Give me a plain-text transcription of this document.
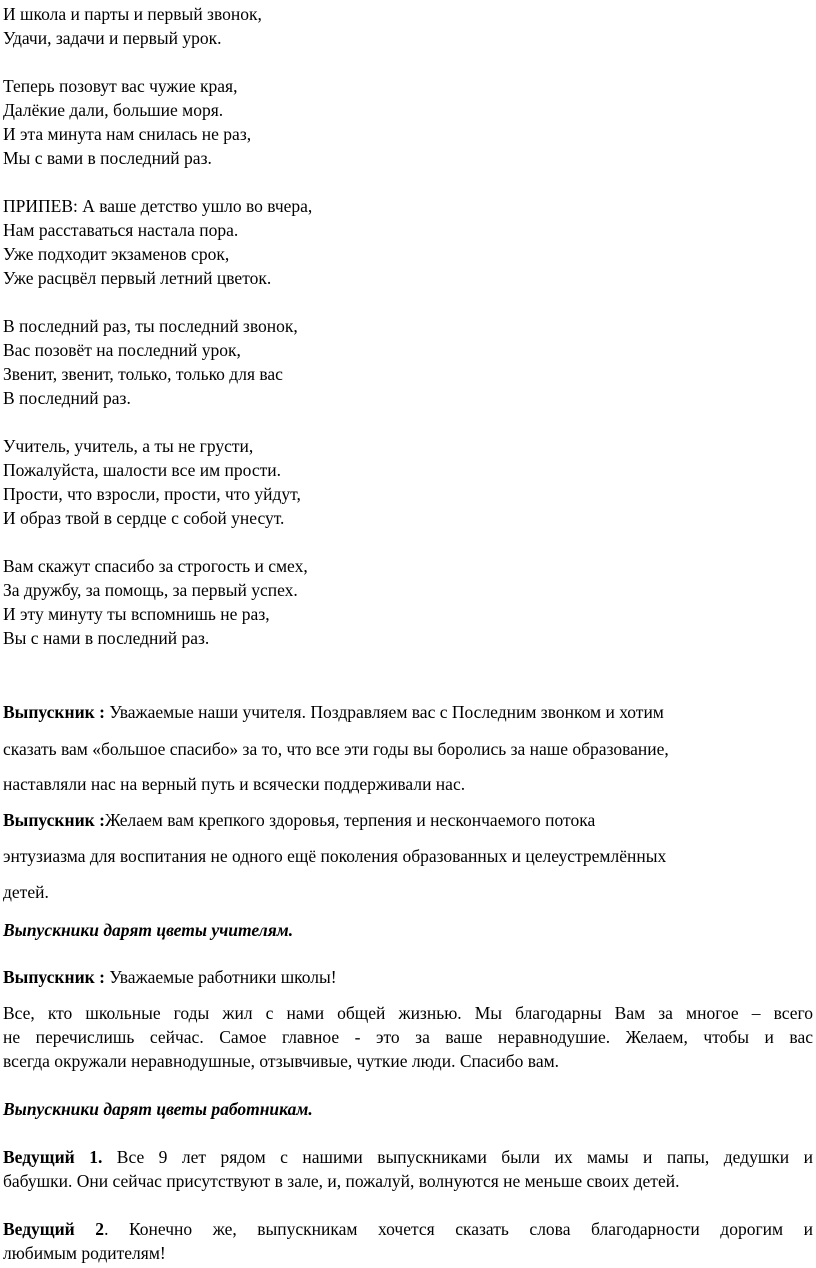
И школа и парты и первый звонок,

Удачи, задачи и первый урок.

Теперь позовут вас чужие края,

Далёкие дали, большие моря.

И эта минута нам снилась не раз,

Мы с вами в последний раз.

ПРИПЕВ: А ваше детство ушло во вчера,

Нам расставаться настала пора.

Уже подходит экзаменов срок,

Уже расцвёл первый летний цветок.

В последний раз, ты последний звонок,

Вас позовёт на последний урок,

Звенит, звенит, только, только для вас

В последний раз.

Учитель, учитель, а ты не грусти,

Пожалуйста, шалости все им прости.

Прости, что взросли, прости, что уйдут,

И образ твой в сердце с собой унесут.

Вам скажут спасибо за строгость и смех,

За дружбу, за помощь, за первый успех.

И эту минуту ты вспомнишь не раз,

Вы с нами в последний раз.

Выпускник : Уважаемые наши учителя. Поздравляем вас с Последним звонком и хотим

сказать вам «большое спасибо» за то, что все эти годы вы боролись за наше образование,

наставляли нас на верный путь и всячески поддерживали нас.

Выпускник :Желаем вам крепкого здоровья, терпения и нескончаемого потока

энтузиазма для воспитания не одного ещё поколения образованных и целеустремлённых

детей.

Выпускники дарят цветы учителям.

Выпускник : Уважаемые работники школы!

Все, кто школьные годы жил с нами общей жизнью. Мы благодарны Вам за многое – всего

не перечислишь сейчас. Самое главное - это за ваше неравнодушие. Желаем, чтобы и вас

всегда окружали неравнодушные, отзывчивые, чуткие люди. Спасибо вам.

Выпускники дарят цветы работникам.

Ведущий 1. Все 9 лет рядом с нашими выпускниками были их мамы и папы, дедушки и

бабушки. Они сейчас присутствуют в зале, и, пожалуй, волнуются не меньше своих детей.

Ведущий 2. Конечно же, выпускникам хочется сказать слова благодарности дорогим и

любимым родителям!
